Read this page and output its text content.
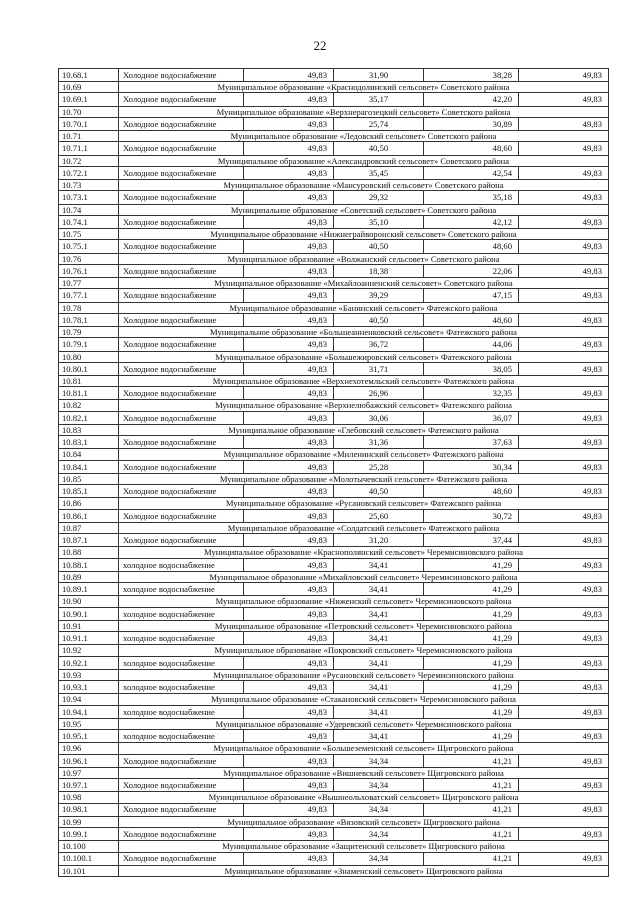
22
10.68.1	Холодное водоснабжение	49,83	31,90	38,28	49,83
10.69	Муниципальное образование «Краснодолинский сельсовет» Советского района				
10.69.1	Холодное водоснабжение	49,83	35,17	42,20	49,83
10.70	Муниципальное образование «Верхнерагозецкий сельсовет» Советского района				
10.70.1	Холодное водоснабжение	49,83	25,74	30,89	49,83
10.71	Муниципальное образование «Ледовский сельсовет» Советского района				
10.71.1	Холодное водоснабжение	49,83	40,50	48,60	49,83
10.72	Муниципальное образование «Александровский сельсовет» Советского района				
10.72.1	Холодное водоснабжение	49,83	35,45	42,54	49,83
10.73	Муниципальное образование «Мансуровский сельсовет» Советского района				
10.73.1	Холодное водоснабжение	49,83	29,32	35,18	49,83
10.74	Муниципальное образование «Советский сельсовет» Советского района				
10.74.1	Холодное водоснабжение	49,83	35,10	42,12	49,83
10.75	Муниципальное образование «Нижнеграйворонский сельсовет» Советского района				
10.75.1	Холодное водоснабжение	49,83	40,50	48,60	49,83
10.76	Муниципальное образование «Волжанский сельсовет» Советского района				
10.76.1	Холодное водоснабжение	49,83	18,38	22,06	49,83
10.77	Муниципальное образование «Михайлоанненский сельсовет» Советского района				
10.77.1	Холодное водоснабжение	49,83	39,29	47,15	49,83
10.78	Муниципальное образование «Банинский сельсовет» Фатежского района				
10.78.1	Холодное водоснабжение	49,83	40,50	48,60	49,83
10.79	Муниципальное образование «Большеанненковский сельсовет» Фатежского района				
10.79.1	Холодное водоснабжение	49,83	36,72	44,06	49,83
10.80	Муниципальное образование «Большежировский сельсовет» Фатежского района				
10.80.1	Холодное водоснабжение	49,83	31,71	38,05	49,83
10.81	Муниципальное образование «Верхнехотемльский сельсовет» Фатежского района				
10.81.1	Холодное водоснабжение	49,83	26,96	32,35	49,83
10.82	Муниципальное образование «Верхнелюбажский сельсовет» Фатежского района				
10.82.1	Холодное водоснабжение	49,83	30,06	36,07	49,83
10.83	Муниципальное образование «Глебовский сельсовет» Фатежского района				
10.83.1	Холодное водоснабжение	49,83	31,36	37,63	49,83
10.84	Муниципальное образование «Миленинский сельсовет» Фатежского района				
10.84.1	Холодное водоснабжение	49,83	25,28	30,34	49,83
10.85	Муниципальное образование «Молотычевский сельсовет» Фатежского района				
10.85.1	Холодное водоснабжение	49,83	40,50	48,60	49,83
10.86	Муниципальное образование «Русановский сельсовет» Фатежского района				
10.86.1	Холодное водоснабжение	49,83	25,60	30,72	49,83
10.87	Муниципальное образование «Солдатский сельсовет» Фатежского района				
10.87.1	Холодное водоснабжение	49,83	31,20	37,44	49,83
10.88	Муниципальное образование «Краснополянский сельсовет» Черемисиновского района				
10.88.1	холодное водоснабжение	49,83	34,41	41,29	49,83
10.89	Муниципальное образование «Михайловский сельсовет» Черемисиновского района				
10.89.1	холодное водоснабжение	49,83	34,41	41,29	49,83
10.90	Муниципальное образование «Ниженский сельсовет» Черемисиновского района				
10.90.1	холодное водоснабжение	49,83	34,41	41,29	49,83
10.91	Муниципальное образование «Петровский сельсовет» Черемисиновского района				
10.91.1	холодное водоснабжение	49,83	34,41	41,29	49,83
10.92	Муниципальное образование «Покровский сельсовет» Черемисиновского района				
10.92.1	холодное водоснабжение	49,83	34,41	41,29	49,83
10.93	Муниципальное образование «Русановский сельсовет» Черемисиновского района				
10.93.1	холодное водоснабжение	49,83	34,41	41,29	49,83
10.94	Муниципальное образование «Стакановский сельсовет» Черемисиновского района				
10.94.1	холодное водоснабжение	49,83	34,41	41,29	49,83
10.95	Муниципальное образование «Удеревский сельсовет» Черемисиновского района				
10.95.1	холодное водоснабжение	49,83	34,41	41,29	49,83
10.96	Муниципальное образование «Большеземенский сельсовет» Щигровского района				
10.96.1	Холодное водоснабжение	49,83	34,34	41,21	49,83
10.97	Муниципальное образование «Вишневский сельсовет» Щигровского района				
10.97.1	Холодное водоснабжение	49,83	34,34	41,21	49,83
10.98	Муниципальное образование «Вышнеольховатский сельсовет» Щигровского района				
10.98.1	Холодное водоснабжение	49,83	34,34	41,21	49,83
10.99	Муниципальное образование «Вязовский сельсовет» Щигровского района				
10.99.1	Холодное водоснабжение	49,83	34,34	41,21	49,83
10.100	Муниципальное образование «Защитенский сельсовет» Щигровского района				
10.100.1	Холодное водоснабжение	49,83	34,34	41,21	49,83
10.101	Муниципальное образование «Знаменский сельсовет» Щигровского района				
